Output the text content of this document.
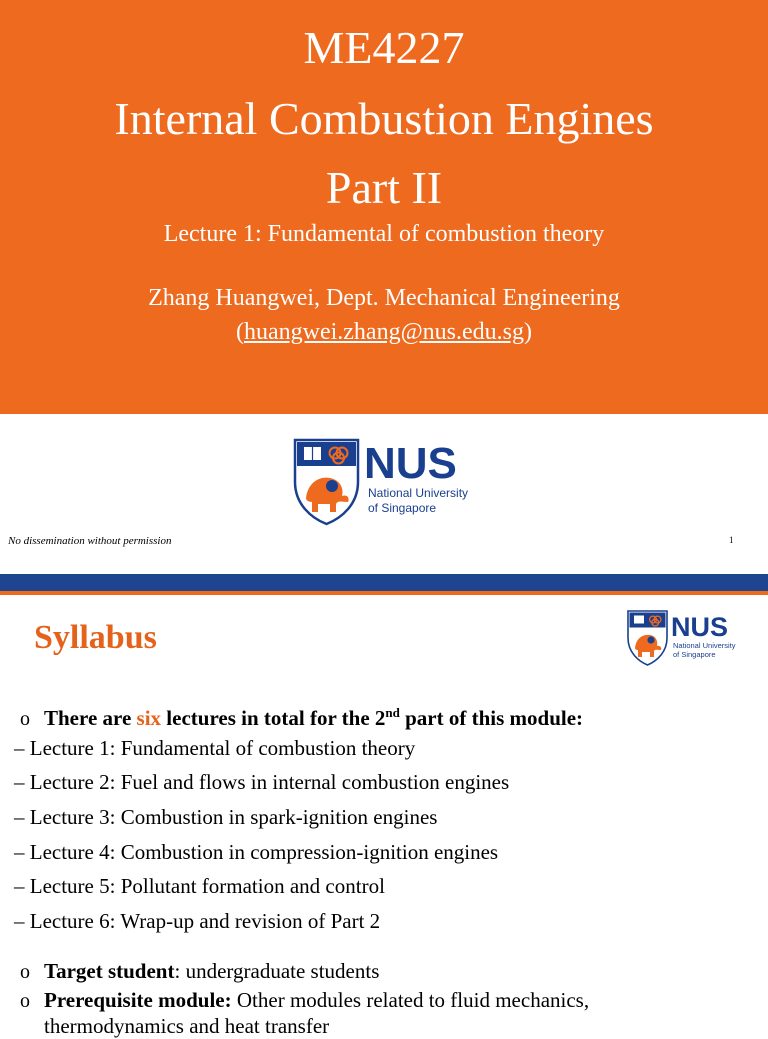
ME4227
Internal Combustion Engines
Part II
Lecture 1: Fundamental of combustion theory
Zhang Huangwei, Dept. Mechanical Engineering
(huangwei.zhang@nus.edu.sg)
NUS
National University
of Singapore
No dissemination without permission	1
Syllabus	NUS
National University
of Singapore
o There are six lectures in total for the 2nd part of this module:
– Lecture 1: Fundamental of combustion theory
– Lecture 2: Fuel and flows in internal combustion engines
– Lecture 3: Combustion in spark-ignition engines
– Lecture 4: Combustion in compression-ignition engines
– Lecture 5: Pollutant formation and control
– Lecture 6: Wrap-up and revision of Part 2
o Target student: undergraduate students
o Prerequisite module: Other modules related to fluid mechanics,
thermodynamics and heat transfer
